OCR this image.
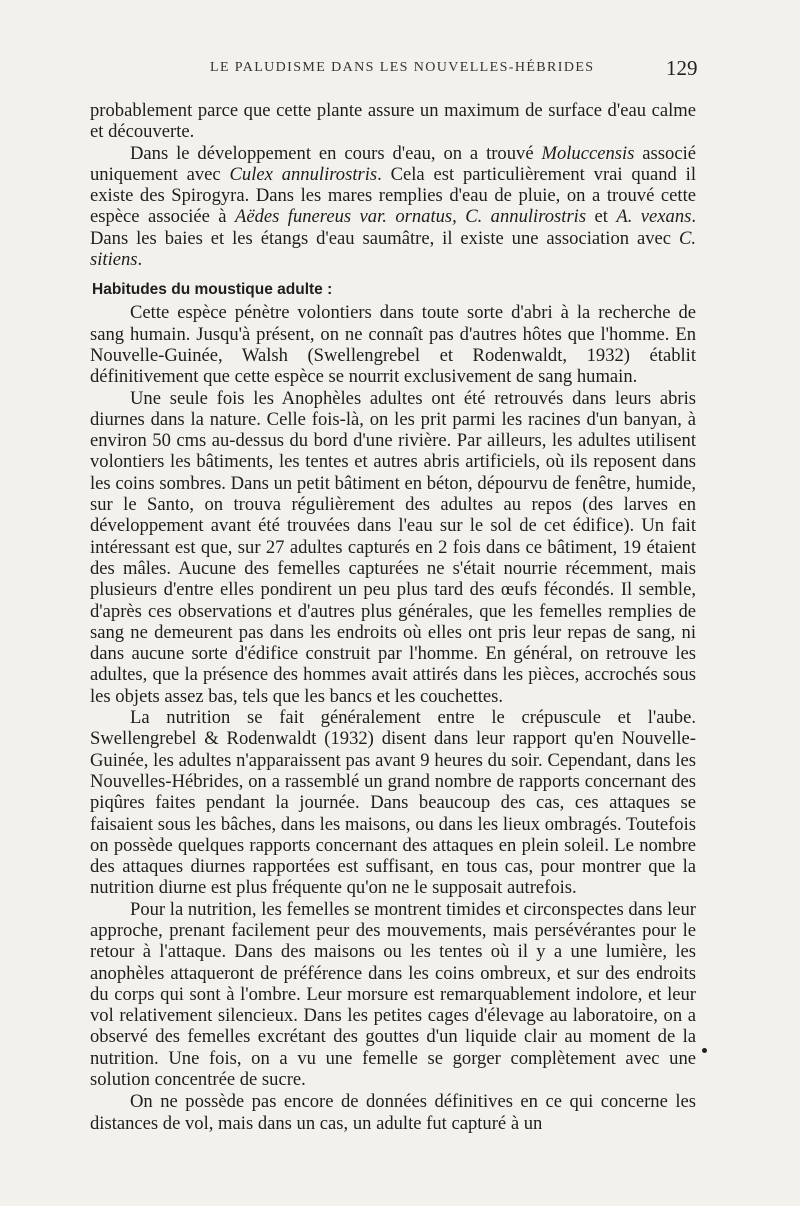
LE PALUDISME DANS LES NOUVELLES-HÉBRIDES	129

probablement parce que cette plante assure un maximum de surface d'eau calme et découverte.

Dans le développement en cours d'eau, on a trouvé Moluccensis associé uniquement avec Culex annulirostris. Cela est particulièrement vrai quand il existe des Spirogyra. Dans les mares remplies d'eau de pluie, on a trouvé cette espèce associée à Aëdes funereus var. ornatus, C. annulirostris et A. vexans. Dans les baies et les étangs d'eau saumâtre, il existe une association avec C. sitiens.

Habitudes du moustique adulte :

Cette espèce pénètre volontiers dans toute sorte d'abri à la recherche de sang humain. Jusqu'à présent, on ne connaît pas d'autres hôtes que l'homme. En Nouvelle-Guinée, Walsh (Swellengrebel et Rodenwaldt, 1932) établit définitivement que cette espèce se nourrit exclusivement de sang humain.

Une seule fois les Anophèles adultes ont été retrouvés dans leurs abris diurnes dans la nature. Celle fois-là, on les prit parmi les racines d'un banyan, à environ 50 cms au-dessus du bord d'une rivière. Par ailleurs, les adultes utilisent volontiers les bâtiments, les tentes et autres abris artificiels, où ils reposent dans les coins sombres. Dans un petit bâtiment en béton, dépourvu de fenêtre, humide, sur le Santo, on trouva régulièrement des adultes au repos (des larves en développement avant été trouvées dans l'eau sur le sol de cet édifice). Un fait intéressant est que, sur 27 adultes capturés en 2 fois dans ce bâtiment, 19 étaient des mâles. Aucune des femelles capturées ne s'était nourrie récemment, mais plusieurs d'entre elles pondirent un peu plus tard des œufs fécondés. Il semble, d'après ces observations et d'autres plus générales, que les femelles remplies de sang ne demeurent pas dans les endroits où elles ont pris leur repas de sang, ni dans aucune sorte d'édifice construit par l'homme. En général, on retrouve les adultes, que la présence des hommes avait attirés dans les pièces, accrochés sous les objets assez bas, tels que les bancs et les couchettes.

La nutrition se fait généralement entre le crépuscule et l'aube. Swellengrebel & Rodenwaldt (1932) disent dans leur rapport qu'en Nouvelle-Guinée, les adultes n'apparaissent pas avant 9 heures du soir. Cependant, dans les Nouvelles-Hébrides, on a rassemblé un grand nombre de rapports concernant des piqûres faites pendant la journée. Dans beaucoup des cas, ces attaques se faisaient sous les bâches, dans les maisons, ou dans les lieux ombragés. Toutefois on possède quelques rapports concernant des attaques en plein soleil. Le nombre des attaques diurnes rapportées est suffisant, en tous cas, pour montrer que la nutrition diurne est plus fréquente qu'on ne le supposait autrefois.

Pour la nutrition, les femelles se montrent timides et circonspectes dans leur approche, prenant facilement peur des mouvements, mais persévérantes pour le retour à l'attaque. Dans des maisons ou les tentes où il y a une lumière, les anophèles attaqueront de préférence dans les coins ombreux, et sur des endroits du corps qui sont à l'ombre. Leur morsure est remarquablement indolore, et leur vol relativement silencieux. Dans les petites cages d'élevage au laboratoire, on a observé des femelles excrétant des gouttes d'un liquide clair au moment de la nutrition. Une fois, on a vu une femelle se gorger complètement avec une solution concentrée de sucre.

On ne possède pas encore de données définitives en ce qui concerne les distances de vol, mais dans un cas, un adulte fut capturé à un
